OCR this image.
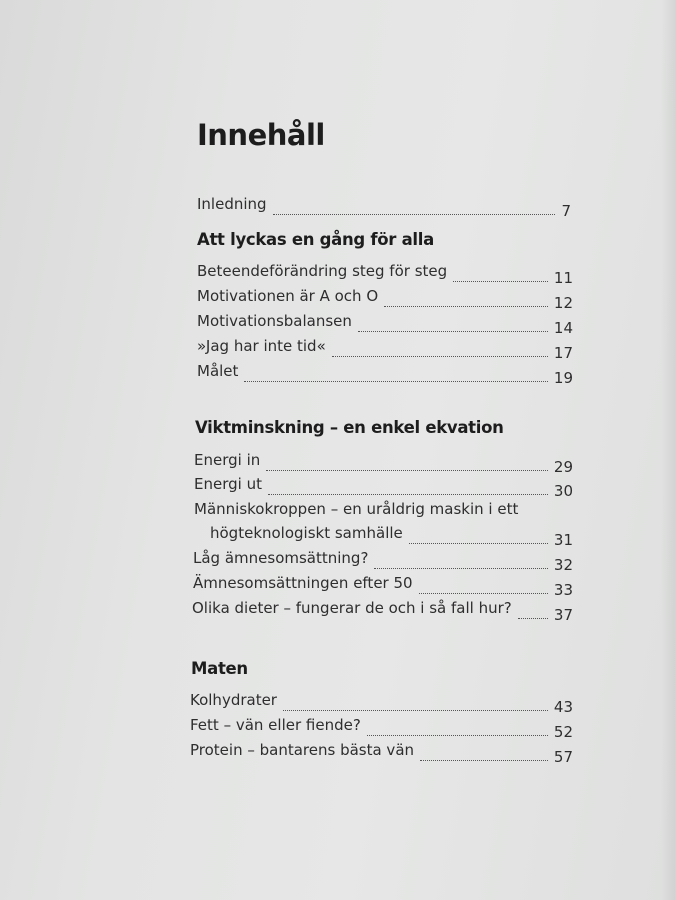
Innehåll
Inledning	7
Att lyckas en gång för alla
Beteendeförändring steg för steg	11
Motivationen är A och O	12
Motivationsbalansen	14
»Jag har inte tid«	17
Målet	19
Viktminskning – en enkel ekvation
Energi in	29
Energi ut	30
Människokroppen – en uråldrig maskin i ett
högteknologiskt samhälle	31
Låg ämnesomsättning?	32
Ämnesomsättningen efter 50	33
Olika dieter – fungerar de och i så fall hur?	37
Maten
Kolhydrater	43
Fett – vän eller fiende?	52
Protein – bantarens bästa vän	57
